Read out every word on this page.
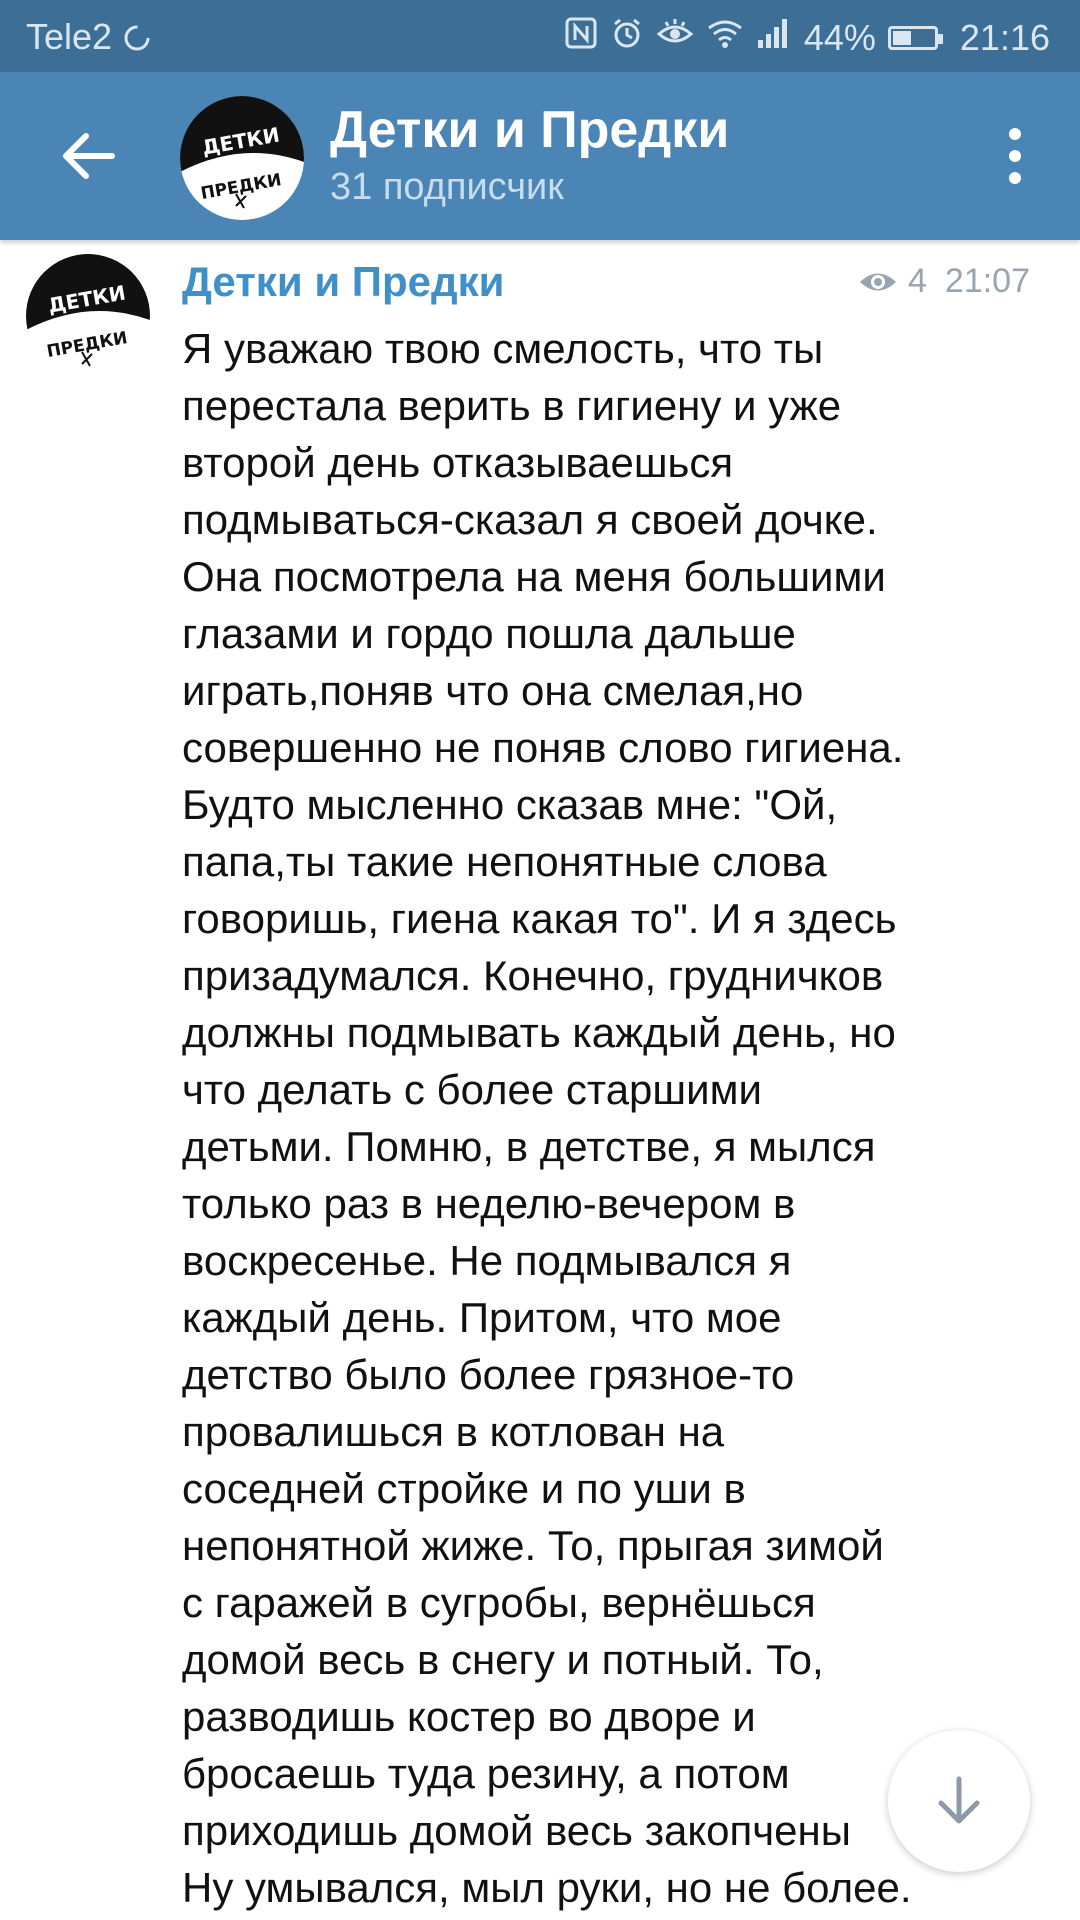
Tele2	44% 21:16
ДЕТКИ
И
ПРЕДКИ
Детки и Предки
31 подписчик
ДЕТКИ
И
ПРЕДКИ
Детки и Предки	4 21:07
Я уважаю твою смелость, что ты
перестала верить в гигиену и уже
второй день отказываешься
подмываться-сказал я своей дочке.
Она посмотрела на меня большими
глазами и гордо пошла дальше
играть,поняв что она смелая,но
совершенно не поняв слово гигиена.
Будто мысленно сказав мне: "Ой,
папа,ты такие непонятные слова
говоришь, гиена какая то". И я здесь
призадумался. Конечно, грудничков
должны подмывать каждый день, но
что делать с более старшими
детьми. Помню, в детстве, я мылся
только раз в неделю-вечером в
воскресенье. Не подмывался я
каждый день. Притом, что мое
детство было более грязное-то
провалишься в котлован на
соседней стройке и по уши в
непонятной жиже. То, прыгая зимой
с гаражей в сугробы, вернёшься
домой весь в снегу и потный. То,
разводишь костер во дворе и
бросаешь туда резину, а потом
приходишь домой весь закопчены
Ну умывался, мыл руки, но не более.
